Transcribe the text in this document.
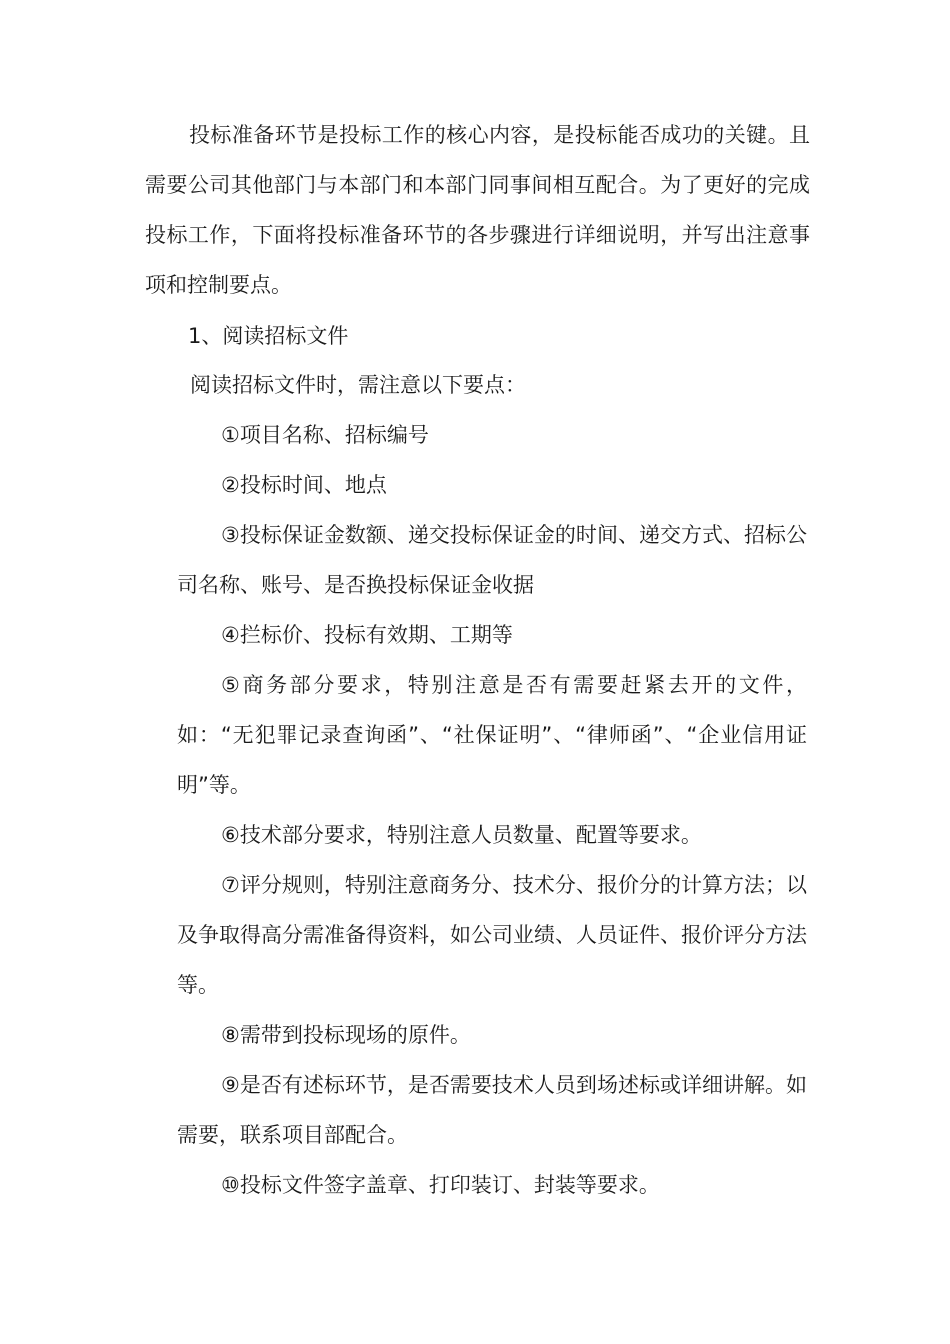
投标准备环节是投标工作的核心内容，是投标能否成功的关键。且需要公司其他部门与本部门和本部门同事间相互配合。为了更好的完成投标工作，下面将投标准备环节的各步骤进行详细说明，并写出注意事项和控制要点。

1、阅读招标文件

阅读招标文件时，需注意以下要点：

①项目名称、招标编号

②投标时间、地点

③投标保证金数额、递交投标保证金的时间、递交方式、招标公司名称、账号、是否换投标保证金收据

④拦标价、投标有效期、工期等

⑤商务部分要求，特别注意是否有需要赶紧去开的文件，如：“无犯罪记录查询函”、“社保证明”、“律师函”、“企业信用证明”等。

⑥技术部分要求，特别注意人员数量、配置等要求。

⑦评分规则，特别注意商务分、技术分、报价分的计算方法；以及争取得高分需准备得资料，如公司业绩、人员证件、报价评分方法等。

⑧需带到投标现场的原件。

⑨是否有述标环节，是否需要技术人员到场述标或详细讲解。如需要，联系项目部配合。

⑩投标文件签字盖章、打印装订、封装等要求。
